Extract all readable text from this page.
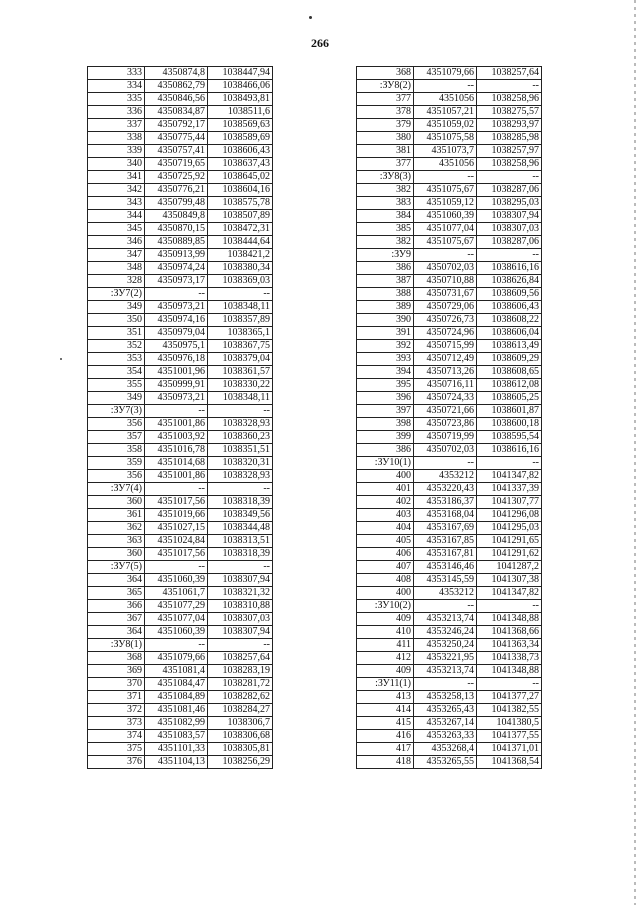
266
333	4350874,8	1038447,94
334	4350862,79	1038466,06
335	4350846,56	1038493,81
336	4350834,87	1038511,6
337	4350792,17	1038569,63
338	4350775,44	1038589,69
339	4350757,41	1038606,43
340	4350719,65	1038637,43
341	4350725,92	1038645,02
342	4350776,21	1038604,16
343	4350799,48	1038575,78
344	4350849,8	1038507,89
345	4350870,15	1038472,31
346	4350889,85	1038444,64
347	4350913,99	1038421,2
348	4350974,24	1038380,34
328	4350973,17	1038369,03
:ЗУ7(2)	--	--
349	4350973,21	1038348,11
350	4350974,16	1038357,89
351	4350979,04	1038365,1
352	4350975,1	1038367,75
353	4350976,18	1038379,04
354	4351001,96	1038361,57
355	4350999,91	1038330,22
349	4350973,21	1038348,11
:ЗУ7(3)	--	--
356	4351001,86	1038328,93
357	4351003,92	1038360,23
358	4351016,78	1038351,51
359	4351014,68	1038320,31
356	4351001,86	1038328,93
:ЗУ7(4)	--	--
360	4351017,56	1038318,39
361	4351019,66	1038349,56
362	4351027,15	1038344,48
363	4351024,84	1038313,51
360	4351017,56	1038318,39
:ЗУ7(5)	--	--
364	4351060,39	1038307,94
365	4351061,7	1038321,32
366	4351077,29	1038310,88
367	4351077,04	1038307,03
364	4351060,39	1038307,94
:ЗУ8(1)	--	--
368	4351079,66	1038257,64
369	4351081,4	1038283,19
370	4351084,47	1038281,72
371	4351084,89	1038282,62
372	4351081,46	1038284,27
373	4351082,99	1038306,7
374	4351083,57	1038306,68
375	4351101,33	1038305,81
376	4351104,13	1038256,29
368	4351079,66	1038257,64
:ЗУ8(2)	--	--
377	4351056	1038258,96
378	4351057,21	1038275,57
379	4351059,02	1038293,97
380	4351075,58	1038285,98
381	4351073,7	1038257,97
377	4351056	1038258,96
:ЗУ8(3)	--	--
382	4351075,67	1038287,06
383	4351059,12	1038295,03
384	4351060,39	1038307,94
385	4351077,04	1038307,03
382	4351075,67	1038287,06
:ЗУ9	--	--
386	4350702,03	1038616,16
387	4350710,88	1038626,84
388	4350731,67	1038609,56
389	4350729,06	1038606,43
390	4350726,73	1038608,22
391	4350724,96	1038606,04
392	4350715,99	1038613,49
393	4350712,49	1038609,29
394	4350713,26	1038608,65
395	4350716,11	1038612,08
396	4350724,33	1038605,25
397	4350721,66	1038601,87
398	4350723,86	1038600,18
399	4350719,99	1038595,54
386	4350702,03	1038616,16
:ЗУ10(1)	--	--
400	4353212	1041347,82
401	4353220,43	1041337,39
402	4353186,37	1041307,77
403	4353168,04	1041296,08
404	4353167,69	1041295,03
405	4353167,85	1041291,65
406	4353167,81	1041291,62
407	4353146,46	1041287,2
408	4353145,59	1041307,38
400	4353212	1041347,82
:ЗУ10(2)	--	--
409	4353213,74	1041348,88
410	4353246,24	1041368,66
411	4353250,24	1041363,34
412	4353221,95	1041338,73
409	4353213,74	1041348,88
:ЗУ11(1)	--	--
413	4353258,13	1041377,27
414	4353265,43	1041382,55
415	4353267,14	1041380,5
416	4353263,33	1041377,55
417	4353268,4	1041371,01
418	4353265,55	1041368,54
